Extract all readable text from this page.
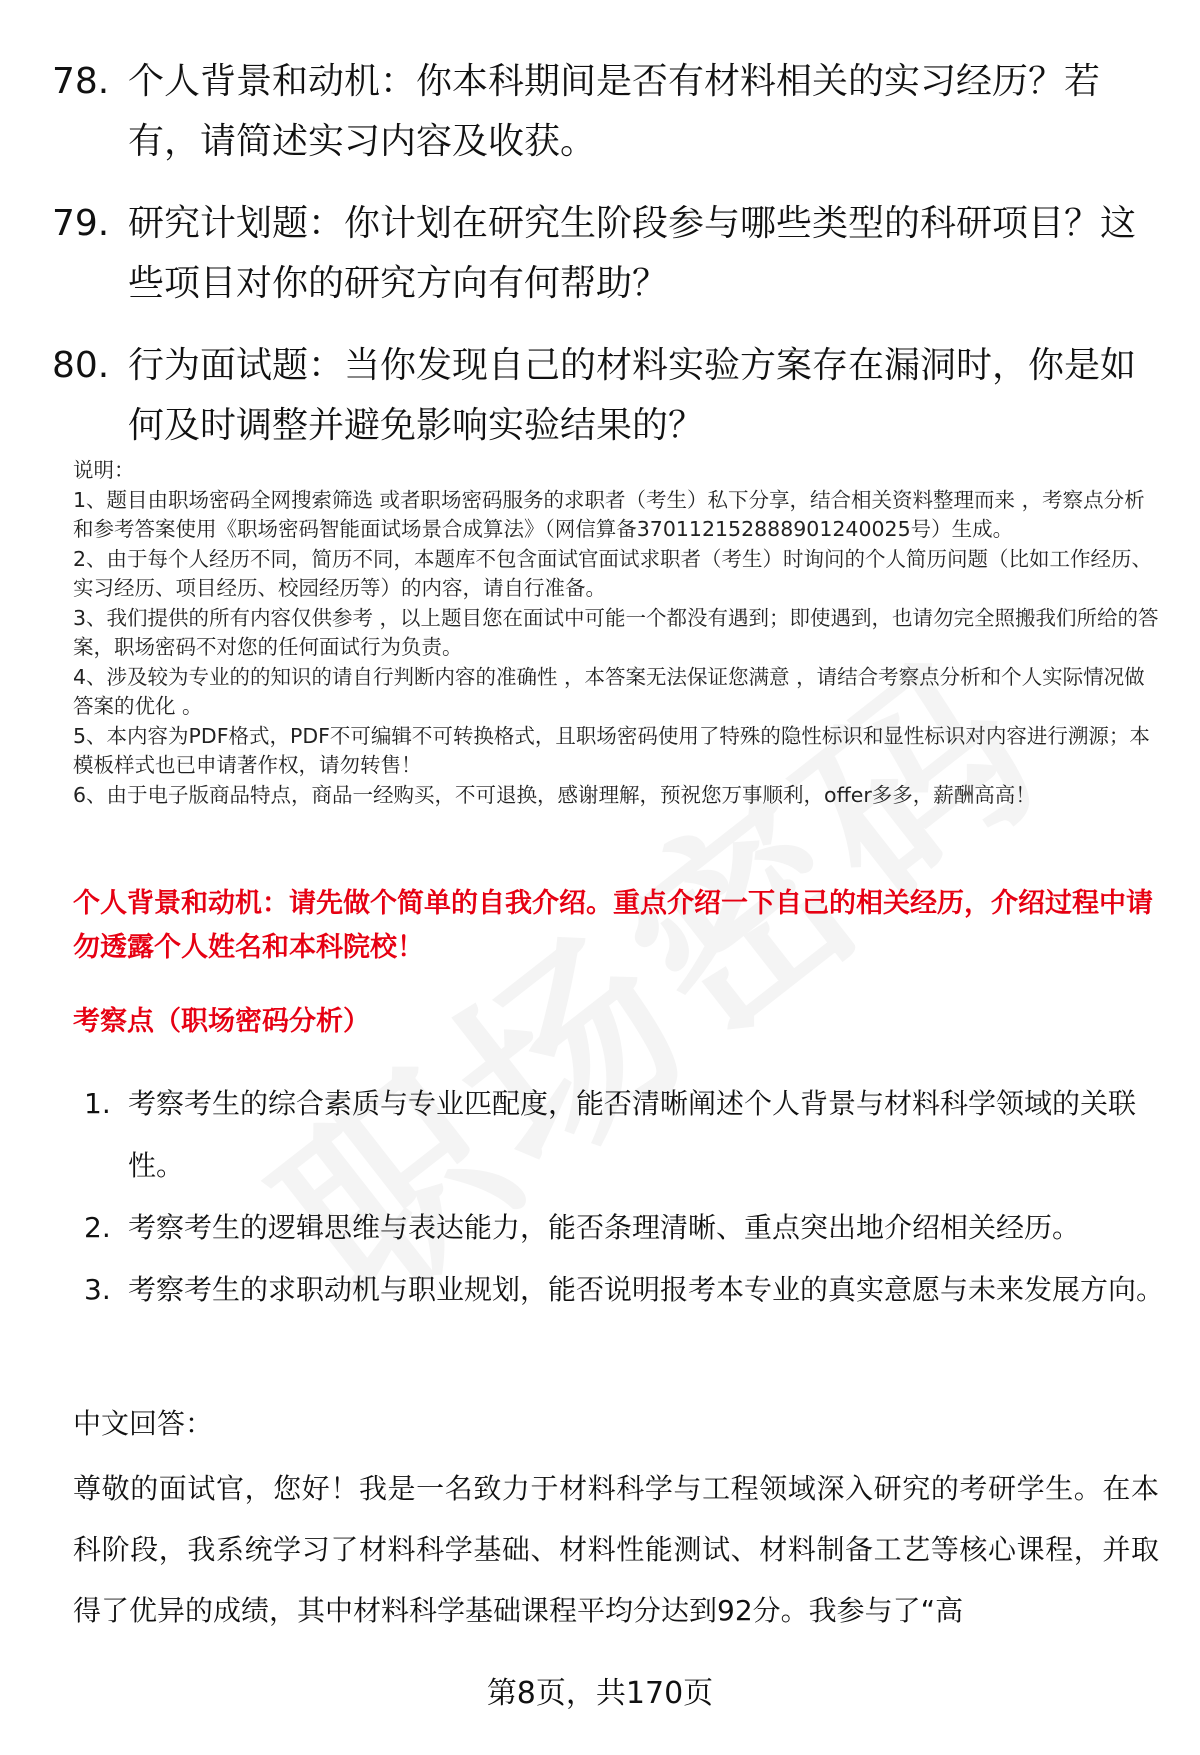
78. 个人背景和动机：你本科期间是否有材料相关的实习经历？若有，请简述实习内容及收获。
79. 研究计划题：你计划在研究生阶段参与哪些类型的科研项目？这些项目对你的研究方向有何帮助？
80. 行为面试题：当你发现自己的材料实验方案存在漏洞时，你是如何及时调整并避免影响实验结果的？

说明：

1、题目由职场密码全网搜索筛选 或者职场密码服务的求职者（考生）私下分享，结合相关资料整理而来 ，考察点分析和参考答案使用《职场密码智能面试场景合成算法》（网信算备370112152888901240025号）生成。

2、由于每个人经历不同，简历不同，本题库不包含面试官面试求职者（考生）时询问的个人简历问题（比如工作经历、实习经历、项目经历、校园经历等）的内容，请自行准备。

3、我们提供的所有内容仅供参考 ，以上题目您在面试中可能一个都没有遇到；即使遇到，也请勿完全照搬我们所给的答案，职场密码不对您的任何面试行为负责。

4、涉及较为专业的的知识的请自行判断内容的准确性 ，本答案无法保证您满意 ，请结合考察点分析和个人实际情况做答案的优化 。

5、本内容为PDF格式，PDF不可编辑不可转换格式，且职场密码使用了特殊的隐性标识和显性标识对内容进行溯源；本模板样式也已申请著作权，请勿转售！

6、由于电子版商品特点，商品一经购买，不可退换，感谢理解，预祝您万事顺利，offer多多，薪酬高高！

个人背景和动机：请先做个简单的自我介绍。重点介绍一下自己的相关经历，介绍过程中请勿透露个人姓名和本科院校！
考察点（职场密码分析）
1. 考察考生的综合素质与专业匹配度，能否清晰阐述个人背景与材料科学领域的关联性。
2. 考察考生的逻辑思维与表达能力，能否条理清晰、重点突出地介绍相关经历。
3. 考察考生的求职动机与职业规划，能否说明报考本专业的真实意愿与未来发展方向。
中文回答：
尊敬的面试官，您好！我是一名致力于材料科学与工程领域深入研究的考研学生。在本科阶段，我系统学习了材料科学基础、材料性能测试、材料制备工艺等核心课程，并取得了优异的成绩，其中材料科学基础课程平均分达到92分。我参与了“高
第8页，共170页
